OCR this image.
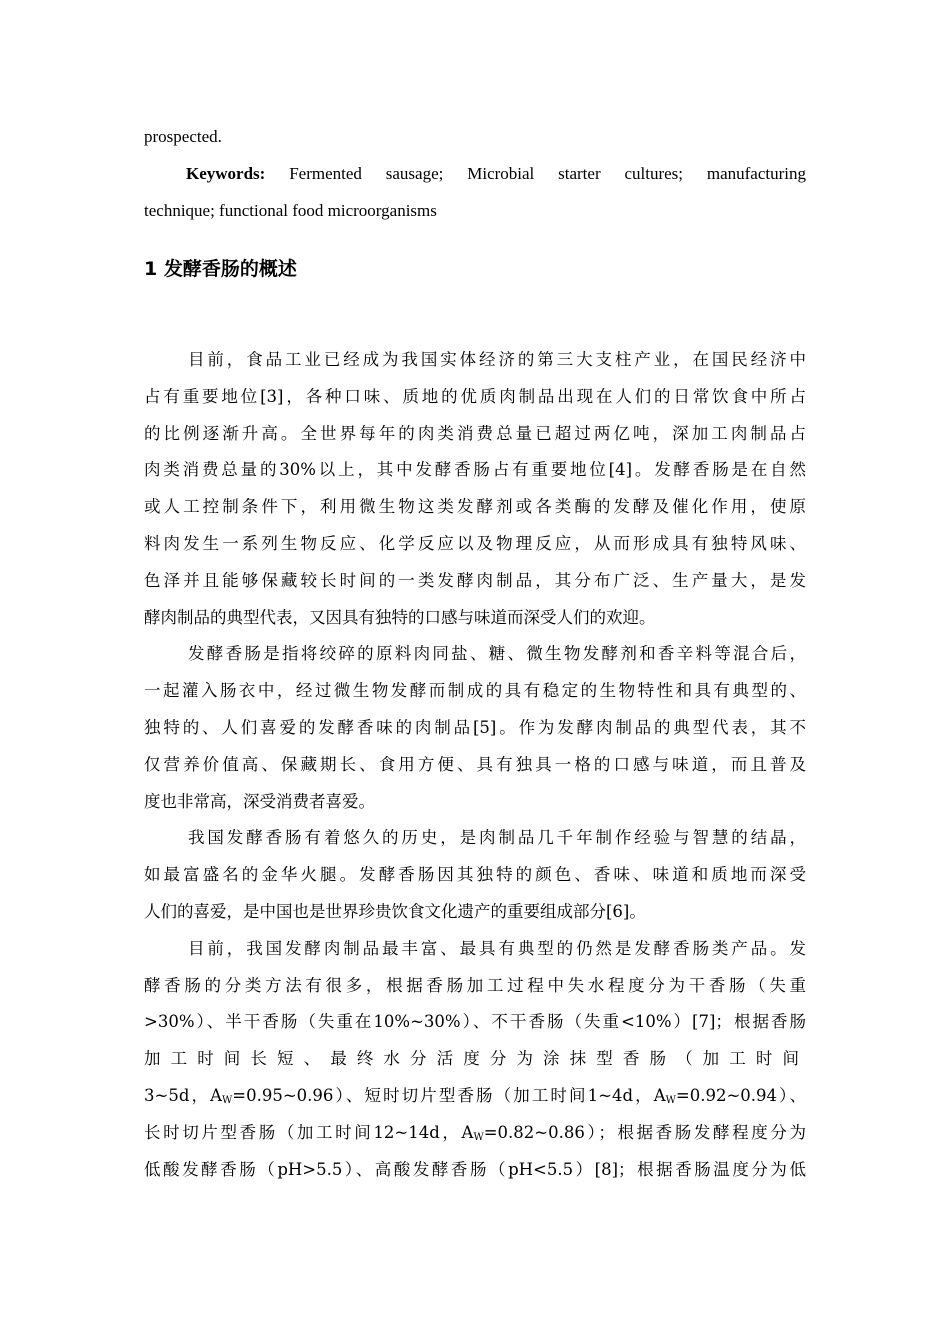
prospected.
Keywords: Fermented sausage; Microbial starter cultures; manufacturing
technique; functional food microorganisms
1 发酵香肠的概述
目前，食品工业已经成为我国实体经济的第三大支柱产业，在国民经济中
占有重要地位[3]，各种口味、质地的优质肉制品出现在人们的日常饮食中所占
的比例逐渐升高。全世界每年的肉类消费总量已超过两亿吨，深加工肉制品占
肉类消费总量的30%以上，其中发酵香肠占有重要地位[4]。发酵香肠是在自然
或人工控制条件下，利用微生物这类发酵剂或各类酶的发酵及催化作用，使原
料肉发生一系列生物反应、化学反应以及物理反应，从而形成具有独特风味、
色泽并且能够保藏较长时间的一类发酵肉制品，其分布广泛、生产量大，是发
酵肉制品的典型代表，又因具有独特的口感与味道而深受人们的欢迎。
发酵香肠是指将绞碎的原料肉同盐、糖、微生物发酵剂和香辛料等混合后，
一起灌入肠衣中，经过微生物发酵而制成的具有稳定的生物特性和具有典型的、
独特的、人们喜爱的发酵香味的肉制品[5]。作为发酵肉制品的典型代表，其不
仅营养价值高、保藏期长、食用方便、具有独具一格的口感与味道，而且普及
度也非常高，深受消费者喜爱。
我国发酵香肠有着悠久的历史，是肉制品几千年制作经验与智慧的结晶，
如最富盛名的金华火腿。发酵香肠因其独特的颜色、香味、味道和质地而深受
人们的喜爱，是中国也是世界珍贵饮食文化遗产的重要组成部分[6]。
目前，我国发酵肉制品最丰富、最具有典型的仍然是发酵香肠类产品。发
酵香肠的分类方法有很多，根据香肠加工过程中失水程度分为干香肠（失重
>30%）、半干香肠（失重在10%~30%）、不干香肠（失重<10%）[7]；根据香肠
加工时间长短、最终水分活度分为涂抹型香肠（加工时间
3~5d，$A_W=0.95\sim 0.96$）、短时切片型香肠（加工时间1~4d，$A_W=0.92\sim 0.94$）、
长时切片型香肠（加工时间12~14d，$A_W=0.82\sim 0.86$）；根据香肠发酵程度分为
低酸发酵香肠（pH>5.5）、高酸发酵香肠（pH<5.5）[8]；根据香肠温度分为低
